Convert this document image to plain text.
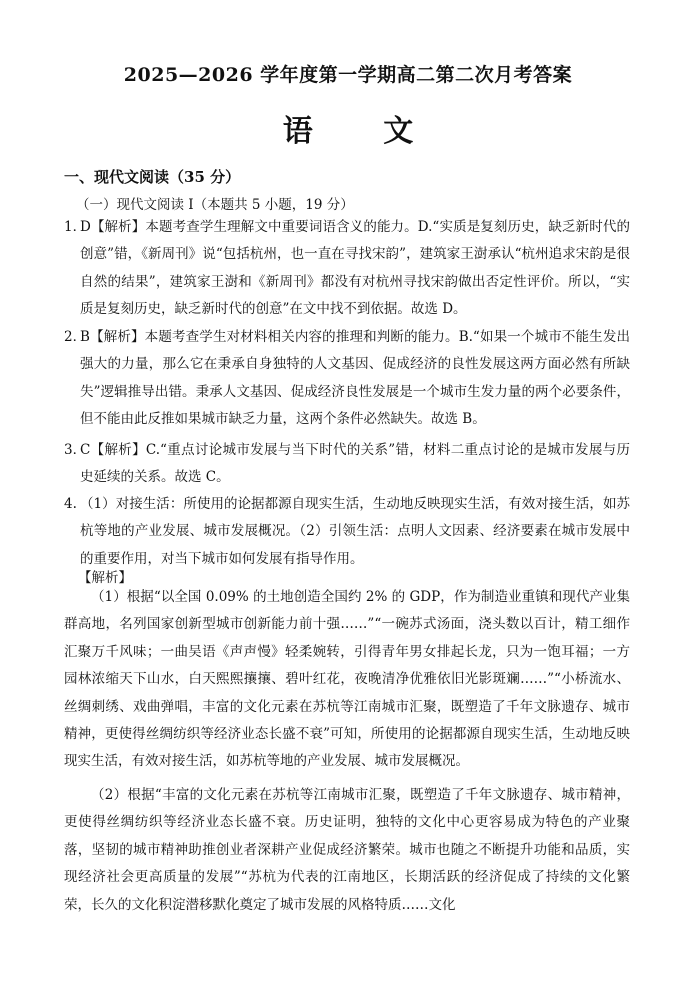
2025—2026 学年度第一学期高二第二次月考答案
语 文
一、现代文阅读（35 分）
（一）现代文阅读 I（本题共 5 小题，19 分）
1．
D【解析】本题考查学生理解文中重要词语含义的能力。D.“实质是复刻历史，缺乏新时代的创意”错，《新周刊》说“包括杭州，也一直在寻找宋韵”，建筑家王澍承认“杭州追求宋韵是很自然的结果”，建筑家王澍和《新周刊》都没有对杭州寻找宋韵做出否定性评价。所以，“实质是复刻历史，缺乏新时代的创意”在文中找不到依据。故选 D。
2．
B【解析】本题考查学生对材料相关内容的推理和判断的能力。B.“如果一个城市不能生发出强大的力量，那么它在秉承自身独特的人文基因、促成经济的良性发展这两方面必然有所缺失”逻辑推导出错。秉承人文基因、促成经济良性发展是一个城市生发力量的两个必要条件，但不能由此反推如果城市缺乏力量，这两个条件必然缺失。故选 B。
3．
C【解析】C.“重点讨论城市发展与当下时代的关系”错，材料二重点讨论的是城市发展与历史延续的关系。故选 C。
4. （1）对接生活：所使用的论据都源自现实生活，生动地反映现实生活，有效对接生活，如苏杭等地的产业发展、城市发展概况。（2）引领生活：点明人文因素、经济要素在城市发展中的重要作用，对当下城市如何发展有指导作用。
【解析】
（1）根据“以全国 0.09% 的土地创造全国约 2% 的 GDP，作为制造业重镇和现代产业集群高地，名列国家创新型城市创新能力前十强……”“一碗苏式汤面，浇头数以百计，精工细作汇聚万千风味；一曲吴语《声声慢》轻柔婉转，引得青年男女排起长龙，只为一饱耳福；一方园林浓缩天下山水，白天熙熙攘攘、碧叶红花，夜晚清净优雅依旧光影斑斓……”“小桥流水、丝绸刺绣、戏曲弹唱，丰富的文化元素在苏杭等江南城市汇聚，既塑造了千年文脉遗存、城市精神，更使得丝绸纺织等经济业态长盛不衰”可知，所使用的论据都源自现实生活，生动地反映现实生活，有效对接生活，如苏杭等地的产业发展、城市发展概况。
（2）根据“丰富的文化元素在苏杭等江南城市汇聚，既塑造了千年文脉遗存、城市精神，更使得丝绸纺织等经济业态长盛不衰。历史证明，独特的文化中心更容易成为特色的产业聚落，坚韧的城市精神助推创业者深耕产业促成经济繁荣。城市也随之不断提升功能和品质，实现经济社会更高质量的发展”“苏杭为代表的江南地区，长期活跃的经济促成了持续的文化繁荣，长久的文化积淀潜移默化奠定了城市发展的风格特质……文化
